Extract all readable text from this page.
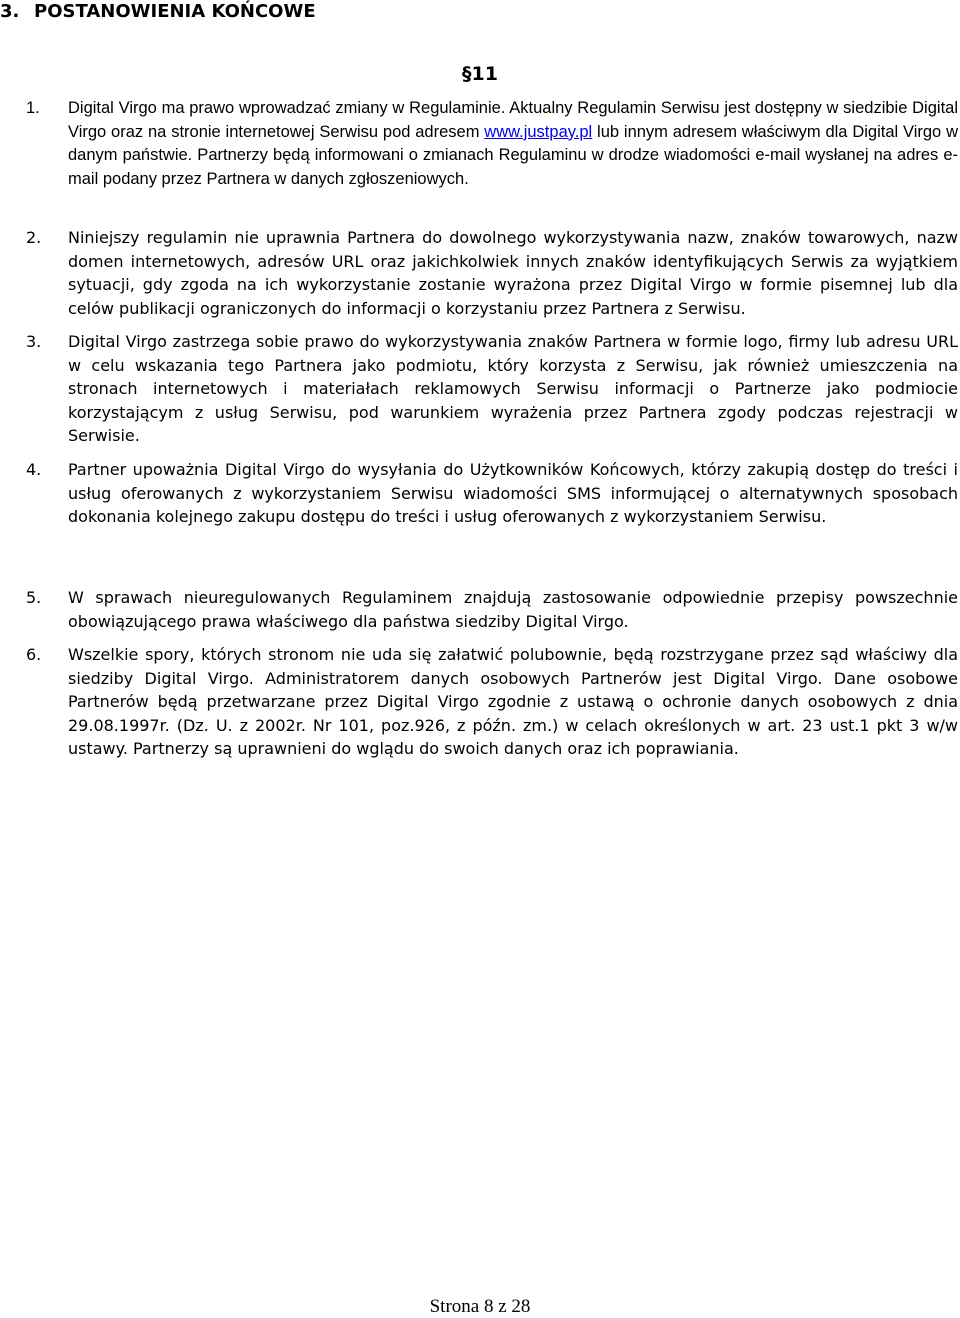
3. POSTANOWIENIA KOŃCOWE
§11
1. Digital Virgo ma prawo wprowadzać zmiany w Regulaminie. Aktualny Regulamin Serwisu jest dostępny w siedzibie Digital Virgo oraz na stronie internetowej Serwisu pod adresem www.justpay.pl lub innym adresem właściwym dla Digital Virgo w danym państwie. Partnerzy będą informowani o zmianach Regulaminu w drodze wiadomości e-mail wysłanej na adres e-mail podany przez Partnera w danych zgłoszeniowych.
2. Niniejszy regulamin nie uprawnia Partnera do dowolnego wykorzystywania nazw, znaków towarowych, nazw domen internetowych, adresów URL oraz jakichkolwiek innych znaków identyfikujących Serwis za wyjątkiem sytuacji, gdy zgoda na ich wykorzystanie zostanie wyrażona przez Digital Virgo w formie pisemnej lub dla celów publikacji ograniczonych do informacji o korzystaniu przez Partnera z Serwisu.
3. Digital Virgo zastrzega sobie prawo do wykorzystywania znaków Partnera w formie logo, firmy lub adresu URL w celu wskazania tego Partnera jako podmiotu, który korzysta z Serwisu, jak również umieszczenia na stronach internetowych i materiałach reklamowych Serwisu informacji o Partnerze jako podmiocie korzystającym z usług Serwisu, pod warunkiem wyrażenia przez Partnera zgody podczas rejestracji w Serwisie.
4. Partner upoważnia Digital Virgo do wysyłania do Użytkowników Końcowych, którzy zakupią dostęp do treści i usług oferowanych z wykorzystaniem Serwisu wiadomości SMS informującej o alternatywnych sposobach dokonania kolejnego zakupu dostępu do treści i usług oferowanych z wykorzystaniem Serwisu.
5. W sprawach nieuregulowanych Regulaminem znajdują zastosowanie odpowiednie przepisy powszechnie obowiązującego prawa właściwego dla państwa siedziby Digital Virgo.
6. Wszelkie spory, których stronom nie uda się załatwić polubownie, będą rozstrzygane przez sąd właściwy dla siedziby Digital Virgo. Administratorem danych osobowych Partnerów jest Digital Virgo. Dane osobowe Partnerów będą przetwarzane przez Digital Virgo zgodnie z ustawą o ochronie danych osobowych z dnia 29.08.1997r. (Dz. U. z 2002r. Nr 101, poz.926, z późn. zm.) w celach określonych w art. 23 ust.1 pkt 3 w/w ustawy. Partnerzy są uprawnieni do wglądu do swoich danych oraz ich poprawiania.
Strona 8 z 28
